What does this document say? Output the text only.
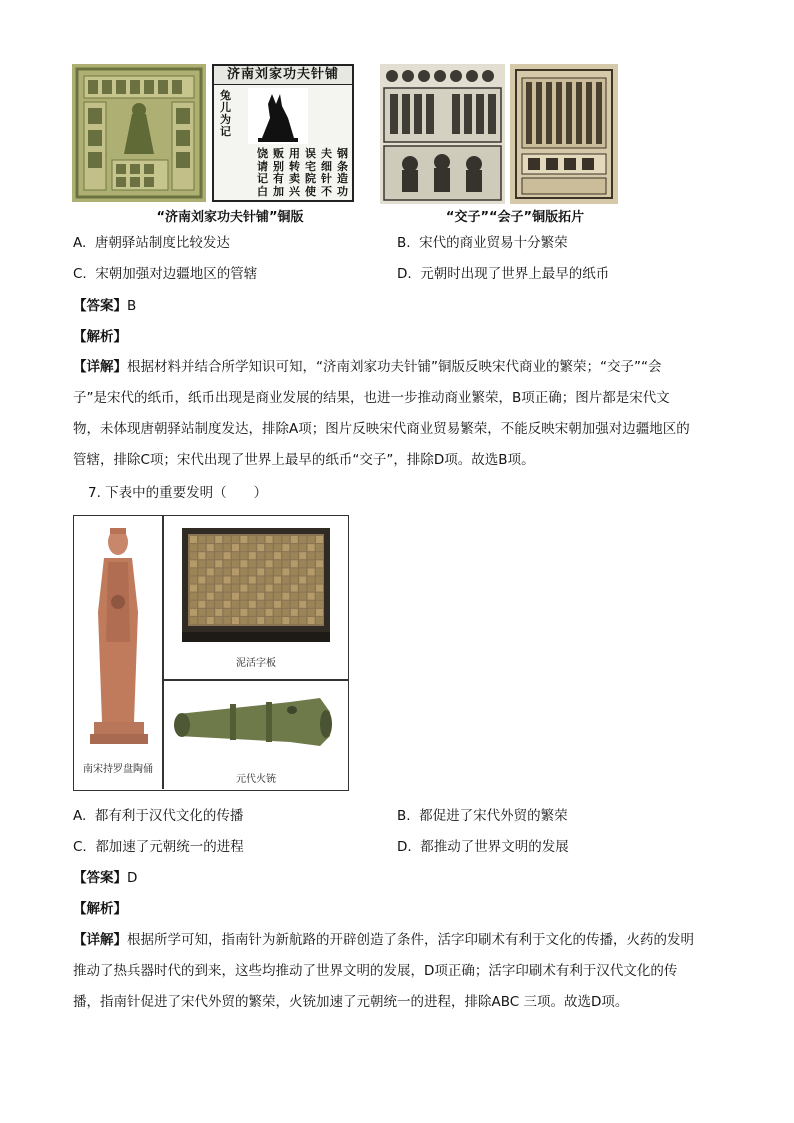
济南刘家功夫针铺
兔儿为记
钢条造功
夫细针不
误宅院使
用转卖兴
贩别有加
饶请记白
“济南刘家功夫针铺”铜版	“交子”“会子”铜版拓片
A. 唐朝驿站制度比较发达	B. 宋代的商业贸易十分繁荣
C. 宋朝加强对边疆地区的管辖	D. 元朝时出现了世界上最早的纸币
【答案】B
【解析】
【详解】根据材料并结合所学知识可知，“济南刘家功夫针铺”铜版反映宋代商业的繁荣；“交子”“会
子”是宋代的纸币，纸币出现是商业发展的结果，也进一步推动商业繁荣，B项正确；图片都是宋代文
物，未体现唐朝驿站制度发达，排除A项；图片反映宋代商业贸易繁荣，不能反映宋朝加强对边疆地区的
管辖，排除C项；宋代出现了世界上最早的纸币“交子”，排除D项。故选B项。
7. 下表中的重要发明（　　）
南宋持罗盘陶俑
泥活字板
元代火铳
A. 都有利于汉代文化的传播	B. 都促进了宋代外贸的繁荣
C. 都加速了元朝统一的进程	D. 都推动了世界文明的发展
【答案】D
【解析】
【详解】根据所学可知，指南针为新航路的开辟创造了条件，活字印刷术有利于文化的传播，火药的发明
推动了热兵器时代的到来，这些均推动了世界文明的发展，D项正确；活字印刷术有利于汉代文化的传
播，指南针促进了宋代外贸的繁荣，火铳加速了元朝统一的进程，排除ABC 三项。故选D项。
